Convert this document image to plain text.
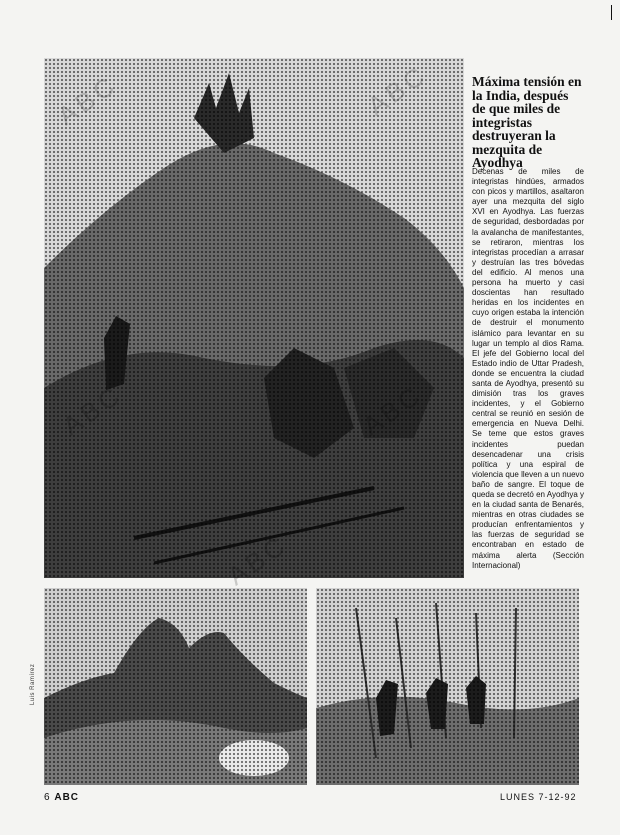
Máxima tensión en la India, después de que miles de integristas destruyeran la mezquita de Ayodhya

Decenas de miles de integristas hindúes, armados con picos y martillos, asaltaron ayer una mezquita del siglo XVI en Ayodhya. Las fuerzas de seguridad, desbordadas por la avalancha de manifestantes, se retiraron, mientras los integristas procedían a arrasar y destruían las tres bóvedas del edificio. Al menos una persona ha muerto y casi doscientas han resultado heridas en los incidentes en cuyo origen estaba la intención de destruir el monumento islámico para levantar en su lugar un templo al dios Rama. El jefe del Gobierno local del Estado indio de Uttar Pradesh, donde se encuentra la ciudad santa de Ayodhya, presentó su dimisión tras los graves incidentes, y el Gobierno central se reunió en sesión de emergencia en Nueva Delhi. Se teme que estos graves incidentes puedan desencadenar una crisis política y una espiral de violencia que lleven a un nuevo baño de sangre. El toque de queda se decretó en Ayodhya y en la ciudad santa de Benarés, mientras en otras ciudades se producían enfrentamientos y las fuerzas de seguridad se encontraban en estado de máxima alerta (Sección Internacional)

Luis Ramírez
6 ABC	LUNES 7-12-92
